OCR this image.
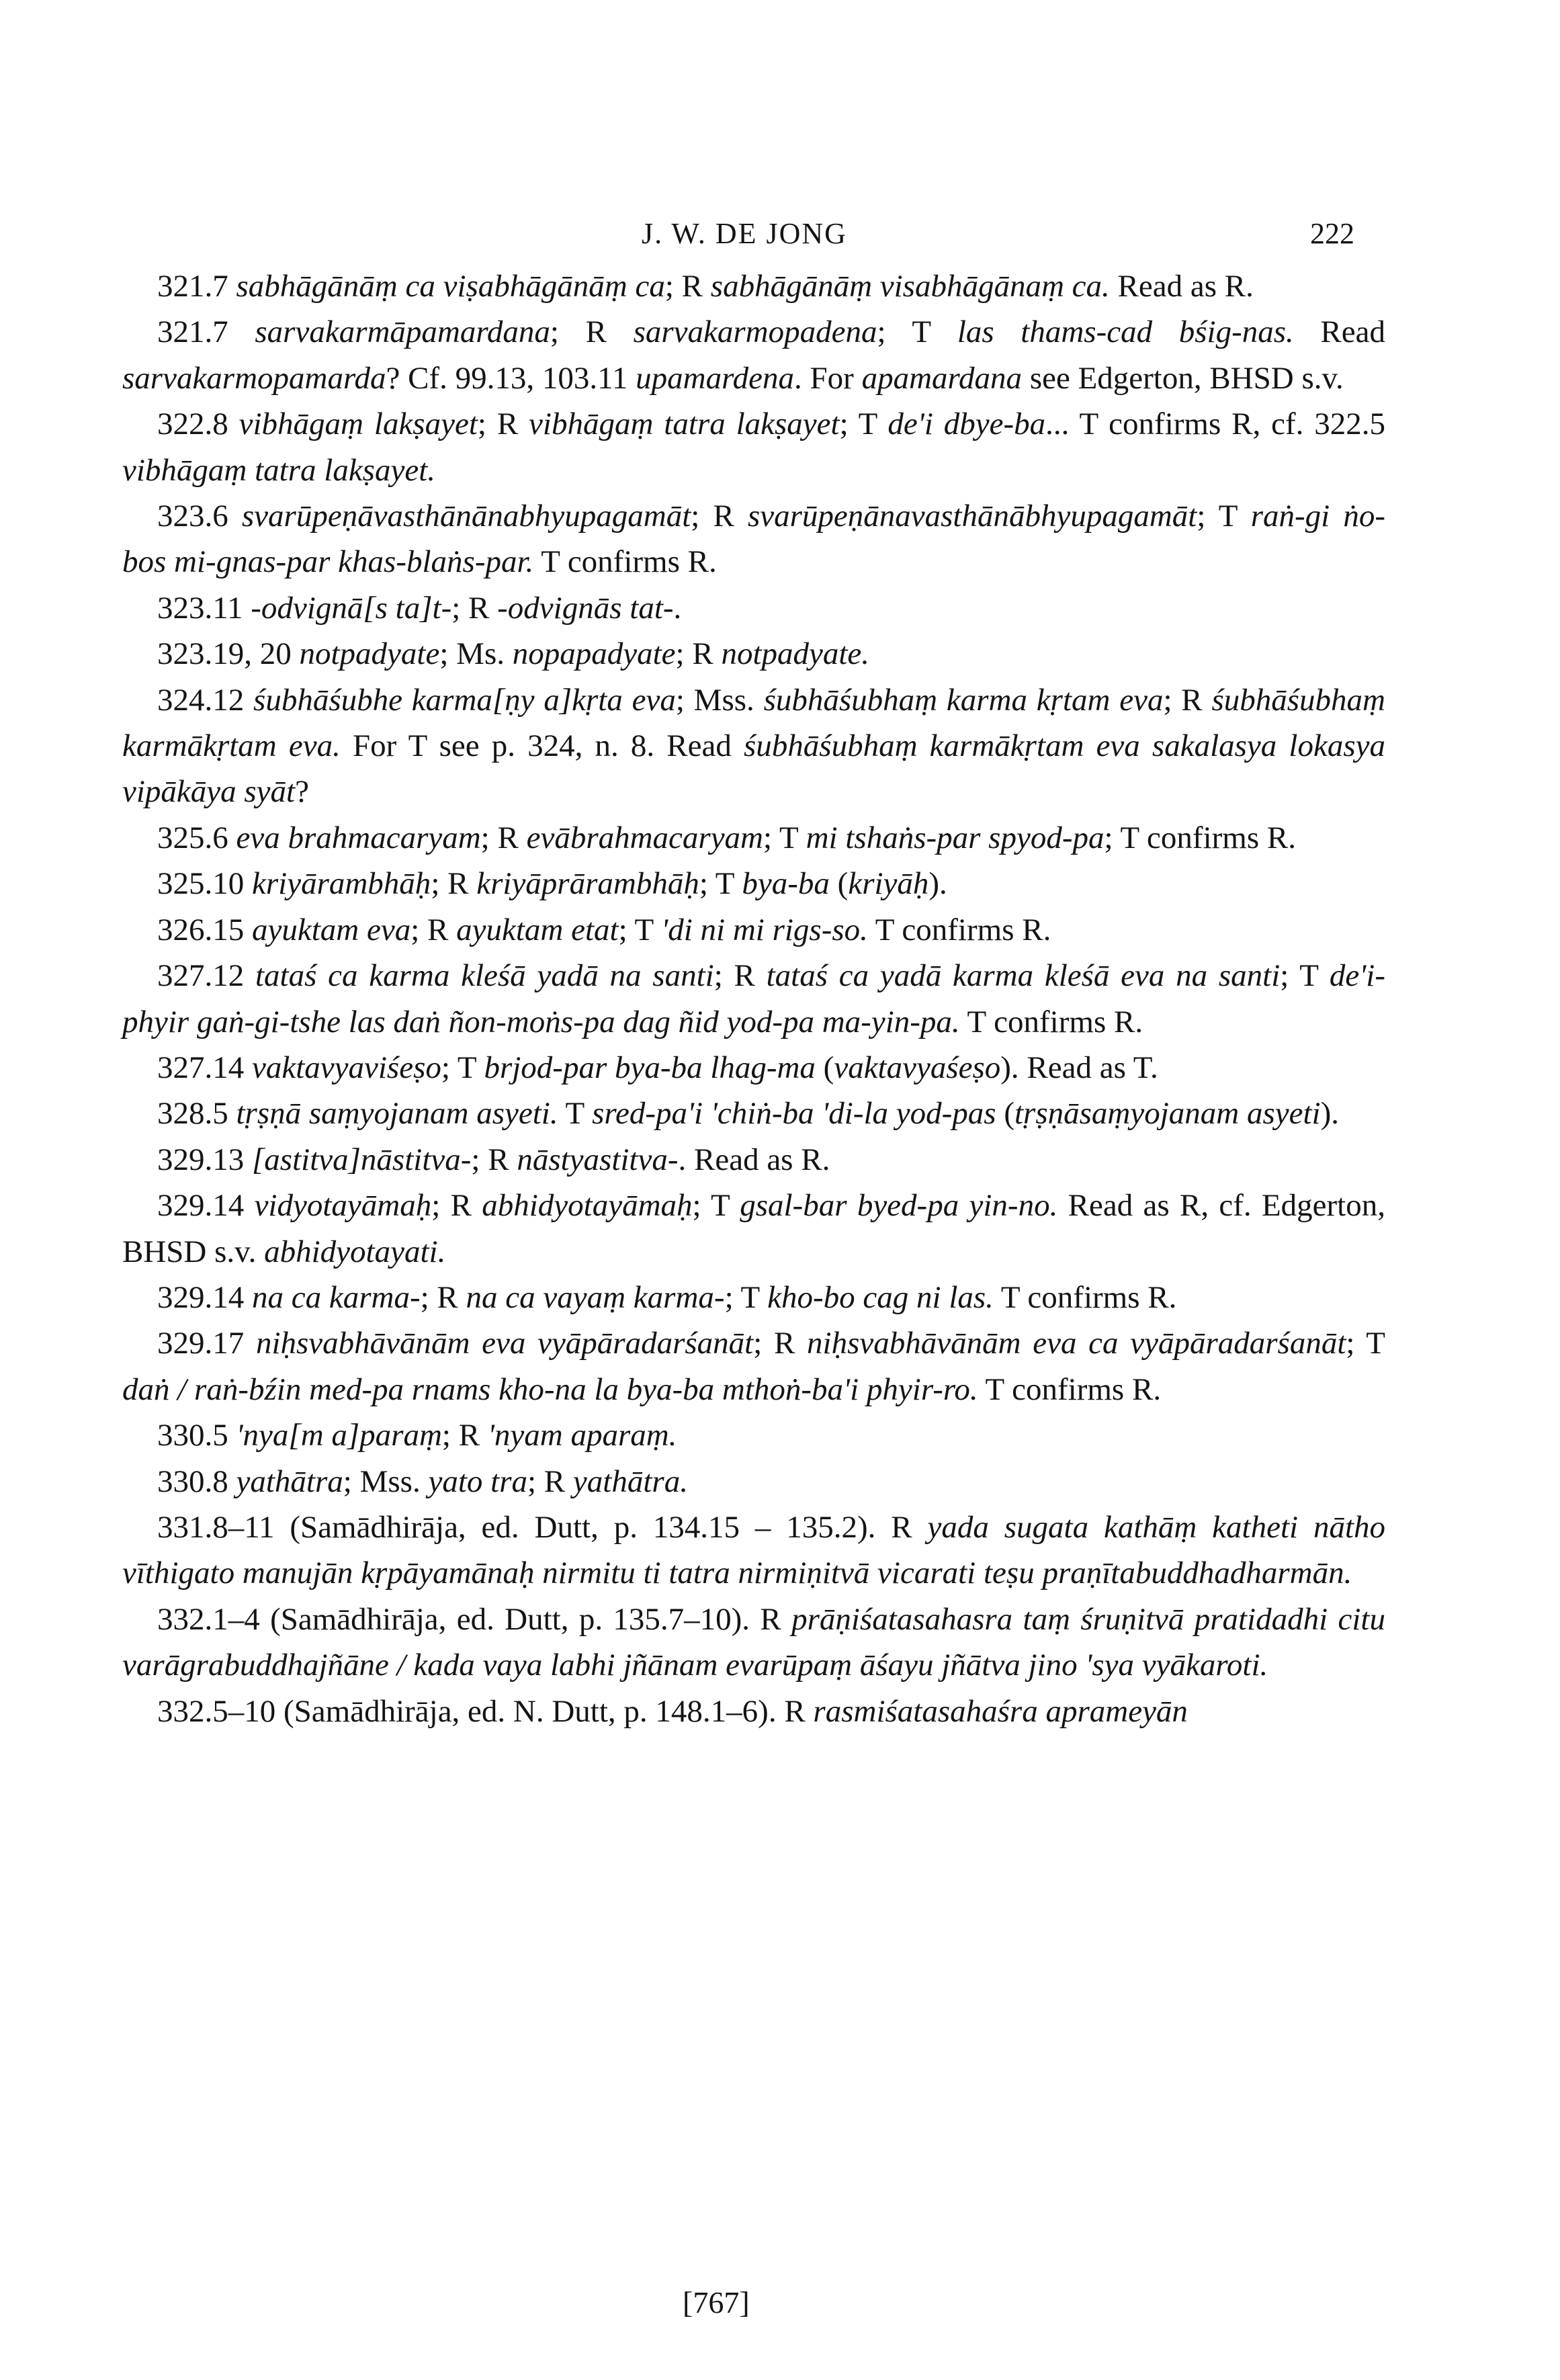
J. W. DE JONG	222

321.7 sabhāgānāṃ ca viṣabhāgānāṃ ca; R sabhāgānāṃ visabhāgānaṃ ca. Read as R.

321.7 sarvakarmāpamardana; R sarvakarmopadena; T las thams-cad bśig-nas. Read sarvakarmopamarda? Cf. 99.13, 103.11 upamardena. For apamardana see Edgerton, BHSD s.v.

322.8 vibhāgaṃ lakṣayet; R vibhāgaṃ tatra lakṣayet; T de'i dbye-ba... T confirms R, cf. 322.5 vibhāgaṃ tatra lakṣayet.

323.6 svarūpeṇāvasthānānabhyupagamāt; R svarūpeṇānavasthānābhyupagamāt; T raṅ-gi ṅo-bos mi-gnas-par khas-blaṅs-par. T confirms R.

323.11 -odvignā[s ta]t-; R -odvignās tat-.

323.19, 20 notpadyate; Ms. nopapadyate; R notpadyate.

324.12 śubhāśubhe karma[ṇy a]kṛta eva; Mss. śubhāśubhaṃ karma kṛtam eva; R śubhāśubhaṃ karmākṛtam eva. For T see p. 324, n. 8. Read śubhāśubhaṃ karmākṛtam eva sakalasya lokasya vipākāya syāt?

325.6 eva brahmacaryam; R evābrahmacaryam; T mi tshaṅs-par spyod-pa; T confirms R.

325.10 kriyārambhāḥ; R kriyāprārambhāḥ; T bya-ba (kriyāḥ).

326.15 ayuktam eva; R ayuktam etat; T 'di ni mi rigs-so. T confirms R.

327.12 tataś ca karma kleśā yadā na santi; R tataś ca yadā karma kleśā eva na santi; T de'i-phyir gaṅ-gi-tshe las daṅ ñon-moṅs-pa dag ñid yod-pa ma-yin-pa. T confirms R.

327.14 vaktavyaviśeṣo; T brjod-par bya-ba lhag-ma (vaktavyaśeṣo). Read as T.

328.5 tṛṣṇā saṃyojanam asyeti. T sred-pa'i 'chiṅ-ba 'di-la yod-pas (tṛṣṇāsaṃyojanam asyeti).

329.13 [astitva]nāstitva-; R nāstyastitva-. Read as R.

329.14 vidyotayāmaḥ; R abhidyotayāmaḥ; T gsal-bar byed-pa yin-no. Read as R, cf. Edgerton, BHSD s.v. abhidyotayati.

329.14 na ca karma-; R na ca vayaṃ karma-; T kho-bo cag ni las. T confirms R.

329.17 niḥsvabhāvānām eva vyāpāradarśanāt; R niḥsvabhāvānām eva ca vyāpāradarśanāt; T daṅ / raṅ-bźin med-pa rnams kho-na la bya-ba mthoṅ-ba'i phyir-ro. T confirms R.

330.5 'nya[m a]paraṃ; R 'nyam aparaṃ.

330.8 yathātra; Mss. yato tra; R yathātra.

331.8–11 (Samādhirāja, ed. Dutt, p. 134.15 – 135.2). R yada sugata kathāṃ katheti nātho vīthigato manujān kṛpāyamānaḥ nirmitu ti tatra nirmiṇitvā vicarati teṣu praṇītabuddhadharmān.

332.1–4 (Samādhirāja, ed. Dutt, p. 135.7–10). R prāṇiśatasahasra taṃ śruṇitvā pratidadhi citu varāgrabuddhajñāne / kada vaya labhi jñānam evarūpaṃ āśayu jñātva jino 'sya vyākaroti.

332.5–10 (Samādhirāja, ed. N. Dutt, p. 148.1–6). R rasmiśatasahaśra aprameyān

[767]
